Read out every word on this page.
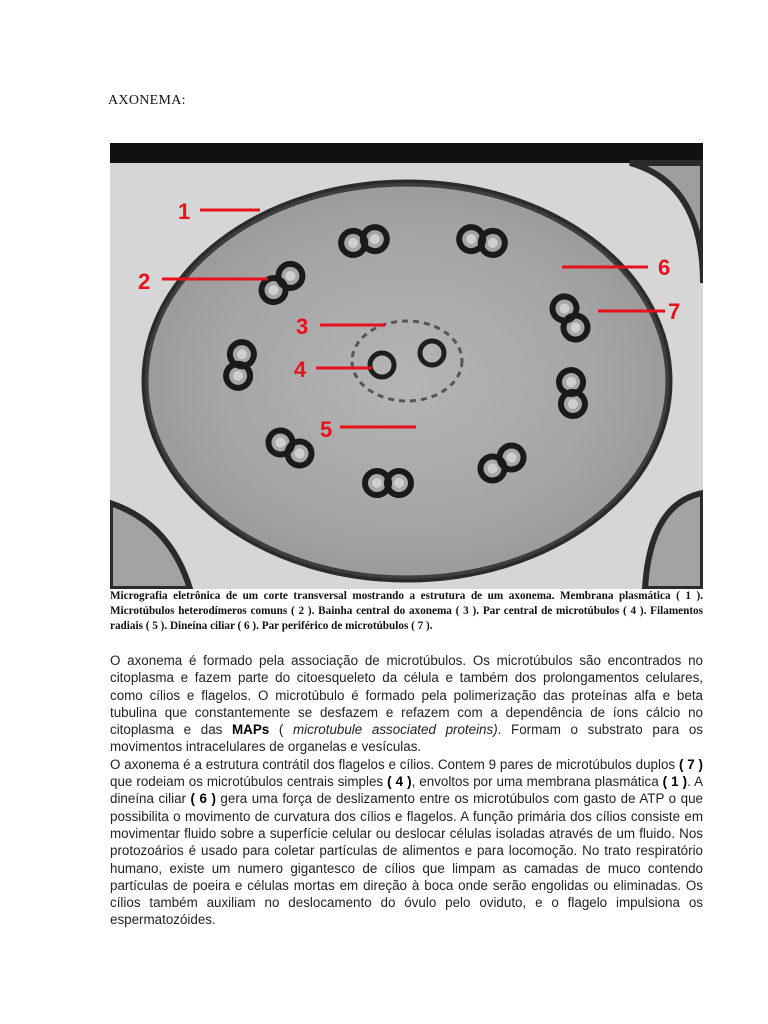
AXONEMA:
1
2
3
4
5
6
7
Micrografia eletrônica de um corte transversal mostrando a estrutura de um axonema. Membrana plasmática ( 1 ). Microtúbulos heterodímeros comuns ( 2 ). Bainha central do axonema ( 3 ). Par central de microtúbulos ( 4 ). Filamentos radiais ( 5 ). Dineína ciliar ( 6 ). Par periférico de microtúbulos ( 7 ).

O axonema é formado pela associação de microtúbulos. Os microtúbulos são encontrados no citoplasma e fazem parte do citoesqueleto da célula e também dos prolongamentos celulares, como cílios e flagelos. O microtúbulo é formado pela polimerização das proteínas alfa e beta tubulina que constantemente se desfazem e refazem com a dependência de íons cálcio no citoplasma e das MAPs ( microtubule associated proteins). Formam o substrato para os movimentos intracelulares de organelas e vesículas.

O axonema é a estrutura contrátil dos flagelos e cílios. Contem 9 pares de microtúbulos duplos ( 7 ) que rodeiam os microtúbulos centrais simples ( 4 ), envoltos por uma membrana plasmática ( 1 ). A dineína ciliar ( 6 ) gera uma força de deslizamento entre os microtúbulos com gasto de ATP o que possibilita o movimento de curvatura dos cílios e flagelos. A função primária dos cílios consiste em movimentar fluido sobre a superfície celular ou deslocar células isoladas através de um fluido. Nos protozoários é usado para coletar partículas de alimentos e para locomoção. No trato respiratório humano, existe um numero gigantesco de cílios que limpam as camadas de muco contendo partículas de poeira e células mortas em direção à boca onde serão engolidas ou eliminadas. Os cílios também auxiliam no deslocamento do óvulo pelo oviduto, e o flagelo impulsiona os espermatozóides.
